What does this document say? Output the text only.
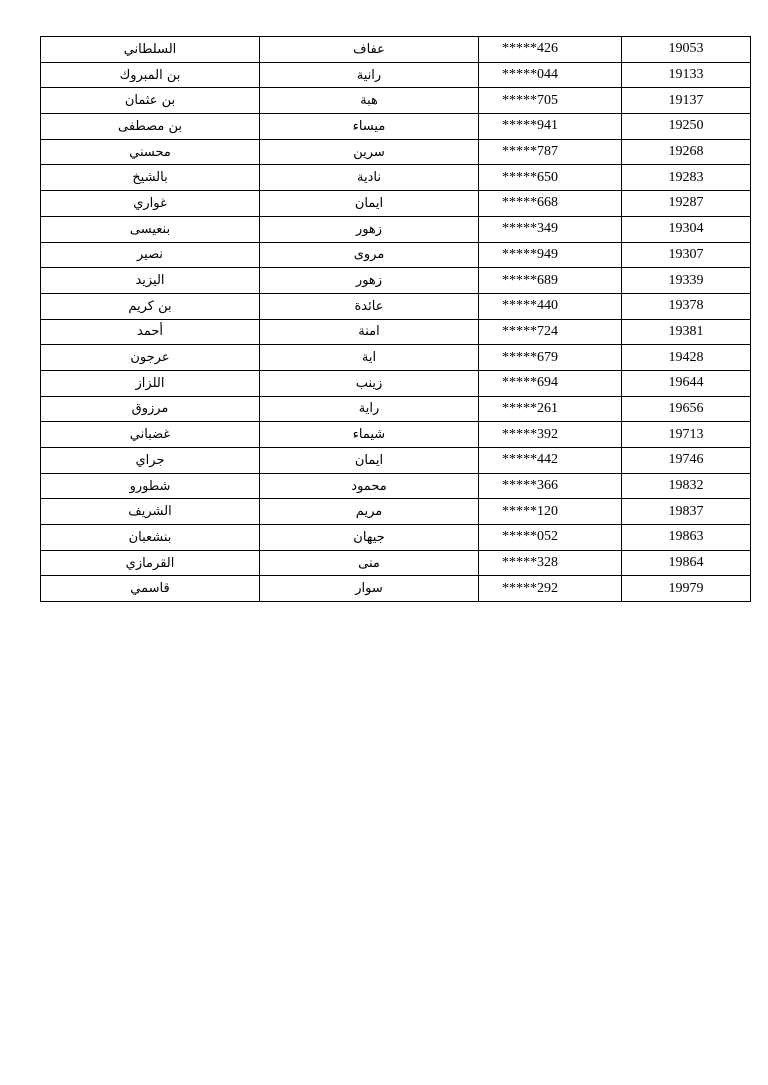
السلطاني	عفاف	*****426	19053
بن المبروك	رانية	*****044	19133
بن عثمان	هبة	*****705	19137
بن مصطفى	ميساء	*****941	19250
محسني	سرين	*****787	19268
بالشيخ	نادية	*****650	19283
غواري	ايمان	*****668	19287
بنعيسى	زهور	*****349	19304
نصير	مروى	*****949	19307
اليزيد	زهور	*****689	19339
بن كريم	عائدة	*****440	19378
أحمد	امنة	*****724	19381
عرجون	اية	*****679	19428
اللزاز	زينب	*****694	19644
مرزوق	راية	*****261	19656
غضباني	شيماء	*****392	19713
جراي	ايمان	*****442	19746
شطورو	محمود	*****366	19832
الشريف	مريم	*****120	19837
بنشعبان	جيهان	*****052	19863
القرمازي	منى	*****328	19864
قاسمي	سوار	*****292	19979
